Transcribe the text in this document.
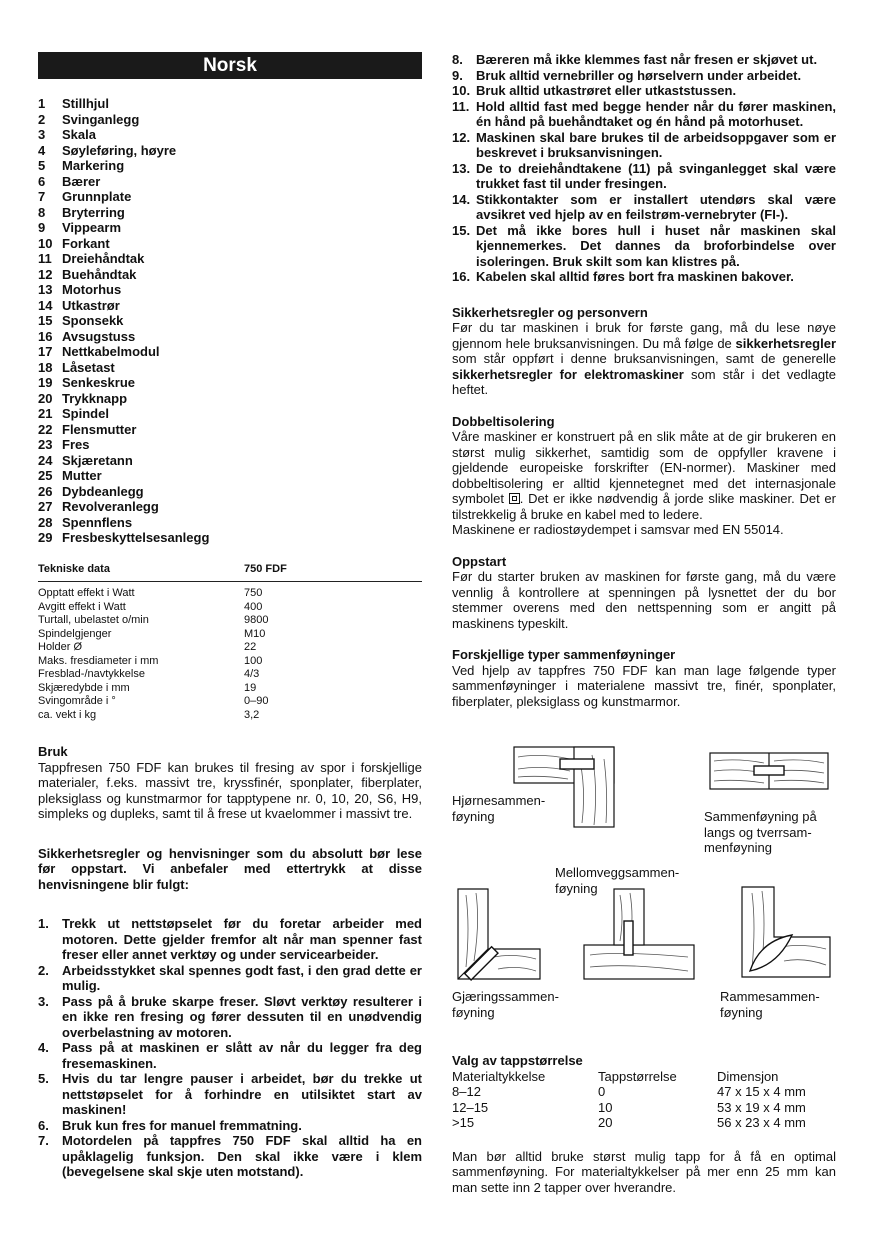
Norsk
1	Stillhjul
2	Svinganlegg
3	Skala
4	Søyleføring, høyre
5	Markering
6	Bærer
7	Grunnplate
8	Bryterring
9	Vippearm
10 Forkant
11 Dreiehåndtak
12 Buehåndtak
13 Motorhus
14 Utkastrør
15 Sponsekk
16 Avsugstuss
17 Nettkabelmodul
18 Låsetast
19 Senkeskrue
20 Trykknapp
21 Spindel
22 Flensmutter
23 Fres
24 Skjæretann
25 Mutter
26 Dybdeanlegg
27 Revolveranlegg
28 Spennflens
29 Fresbeskyttelsesanlegg
Tekniske data	750 FDF
Opptatt effekt i Watt	750
Avgitt effekt i Watt	400
Turtall, ubelastet o/min	9800
Spindelgjenger	M10
Holder Ø	22
Maks. fresdiameter i mm	100
Fresblad-/navtykkelse	4/3
Skjæredybde i mm	19
Svingområde i °	0–90
ca. vekt i kg	3,2
Bruk

Tappfresen 750 FDF kan brukes til fresing av spor i forskjellige materialer, f.eks. massivt tre, kryssfinér, sponplater, fiberplater, pleksiglass og kunstmarmor for tapptypene nr. 0, 10, 20, S6, H9, simpleks og dupleks, samt til å frese ut kvaelommer i massivt tre.

Sikkerhetsregler og henvisninger som du absolutt bør lese før oppstart. Vi anbefaler med ettertrykk at disse henvisningene blir fulgt:

1.	Trekk ut nettstøpselet før du foretar arbeider med motoren. Dette gjelder fremfor alt når man spenner fast freser eller annet verktøy og under servicearbeider.
2.	Arbeidsstykket skal spennes godt fast, i den grad dette er mulig.
3.	Pass på å bruke skarpe freser. Sløvt verktøy resulterer i en ikke ren fresing og fører dessuten til en unødvendig overbelastning av motoren.
4.	Pass på at maskinen er slått av når du legger fra deg fresemaskinen.
5.	Hvis du tar lengre pauser i arbeidet, bør du trekke ut nettstøpselet for å forhindre en utilsiktet start av maskinen!
6.	Bruk kun fres for manuel fremmatning.
7.	Motordelen på tappfres 750 FDF skal alltid ha en upåklagelig funksjon. Den skal ikke være i klem (bevegelsene skal skje uten motstand).
8.	Bæreren må ikke klemmes fast når fresen er skjøvet ut.
9.	Bruk alltid vernebriller og hørselvern under arbeidet.
10. Bruk alltid utkastrøret eller utkaststussen.
11. Hold alltid fast med begge hender når du fører maskinen, én hånd på buehåndtaket og én hånd på motorhuset.
12. Maskinen skal bare brukes til de arbeidsoppgaver som er beskrevet i bruksanvisningen.
13. De to dreiehåndtakene (11) på svinganlegget skal være trukket fast til under fresingen.
14. Stikkontakter som er installert utendørs skal være avsikret ved hjelp av en feilstrøm-vernebryter (FI-).
15. Det må ikke bores hull i huset når maskinen skal kjennemerkes. Det dannes da broforbindelse over isoleringen. Bruk skilt som kan klistres på.
16. Kabelen skal alltid føres bort fra maskinen bakover.
Sikkerhetsregler og personvern

Før du tar maskinen i bruk for første gang, må du lese nøye gjennom hele bruksanvisningen. Du må følge de sikkerhetsregler som står oppført i denne bruksanvisningen, samt de generelle sikkerhetsregler for elektromaskiner som står i det vedlagte heftet.

Dobbeltisolering

Våre maskiner er konstruert på en slik måte at de gir brukeren en størst mulig sikkerhet, samtidig som de oppfyller kravene i gjeldende europeiske forskrifter (EN-normer). Maskiner med dobbeltisolering er alltid kjennetegnet med det internasjonale symbolet . Det er ikke nødvendig å jorde slike maskiner. Det er tilstrekkelig å bruke en kabel med to ledere.
Maskinene er radiostøydempet i samsvar med EN 55014.

Oppstart

Før du starter bruken av maskinen for første gang, må du være vennlig å kontrollere at spenningen på lysnettet der du bor stemmer overens med den nettspenning som er angitt på maskinens typeskilt.

Forskjellige typer sammenføyninger

Ved hjelp av tappfres 750 FDF kan man lage følgende typer sammenføyninger i materialene massivt tre, finér, sponplater, fiberplater, pleksiglass og kunstmarmor.

Hjørnesammen-
føyning	Sammenføyning på
langs og tverrsam-
menføyning
Mellomveggsammen-
føyning
Gjæringssammen-
føyning
Rammesammen-
føyning
Valg av tappstørrelse
Materialtykkelse	Tappstørrelse	Dimensjon
8–12	0	47 x 15 x 4 mm
12–15	10	53 x 19 x 4 mm
>15	20	56 x 23 x 4 mm

Man bør alltid bruke størst mulig tapp for å få en optimal sammenføyning. For materialtykkelser på mer enn 25 mm kan man sette inn 2 tapper over hverandre.
